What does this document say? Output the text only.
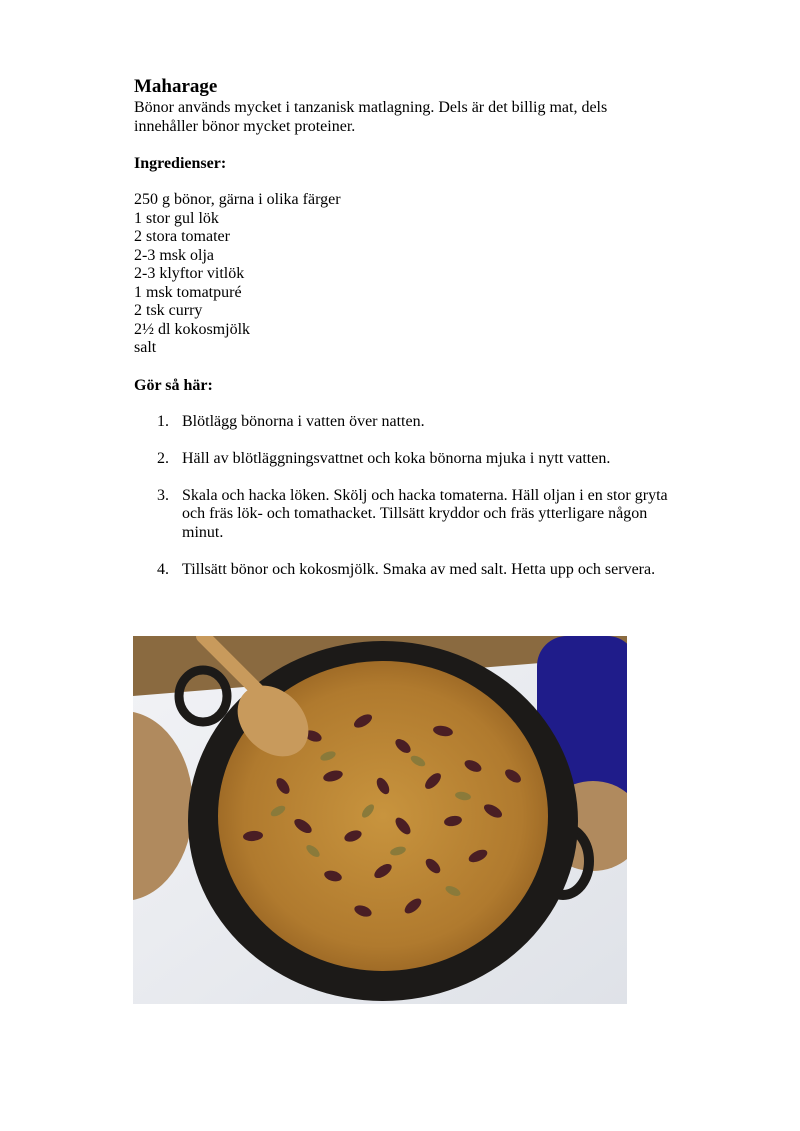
Maharage

Bönor används mycket i tanzanisk matlagning. Dels är det billig mat, dels innehåller bönor mycket proteiner.

Ingredienser:

250 g bönor, gärna i olika färger
1 stor gul lök
2 stora tomater
2-3 msk olja
2-3 klyftor vitlök
1 msk tomatpuré
2 tsk curry
2½ dl kokosmjölk
salt

Gör så här:

1. Blötlägg bönorna i vatten över natten.
2. Häll av blötläggningsvattnet och koka bönorna mjuka i nytt vatten.
3. Skala och hacka löken. Skölj och hacka tomaterna. Häll oljan i en stor gryta och fräs lök- och tomathacket. Tillsätt kryddor och fräs ytterligare någon minut.
4. Tillsätt bönor och kokosmjölk. Smaka av med salt. Hetta upp och servera.
